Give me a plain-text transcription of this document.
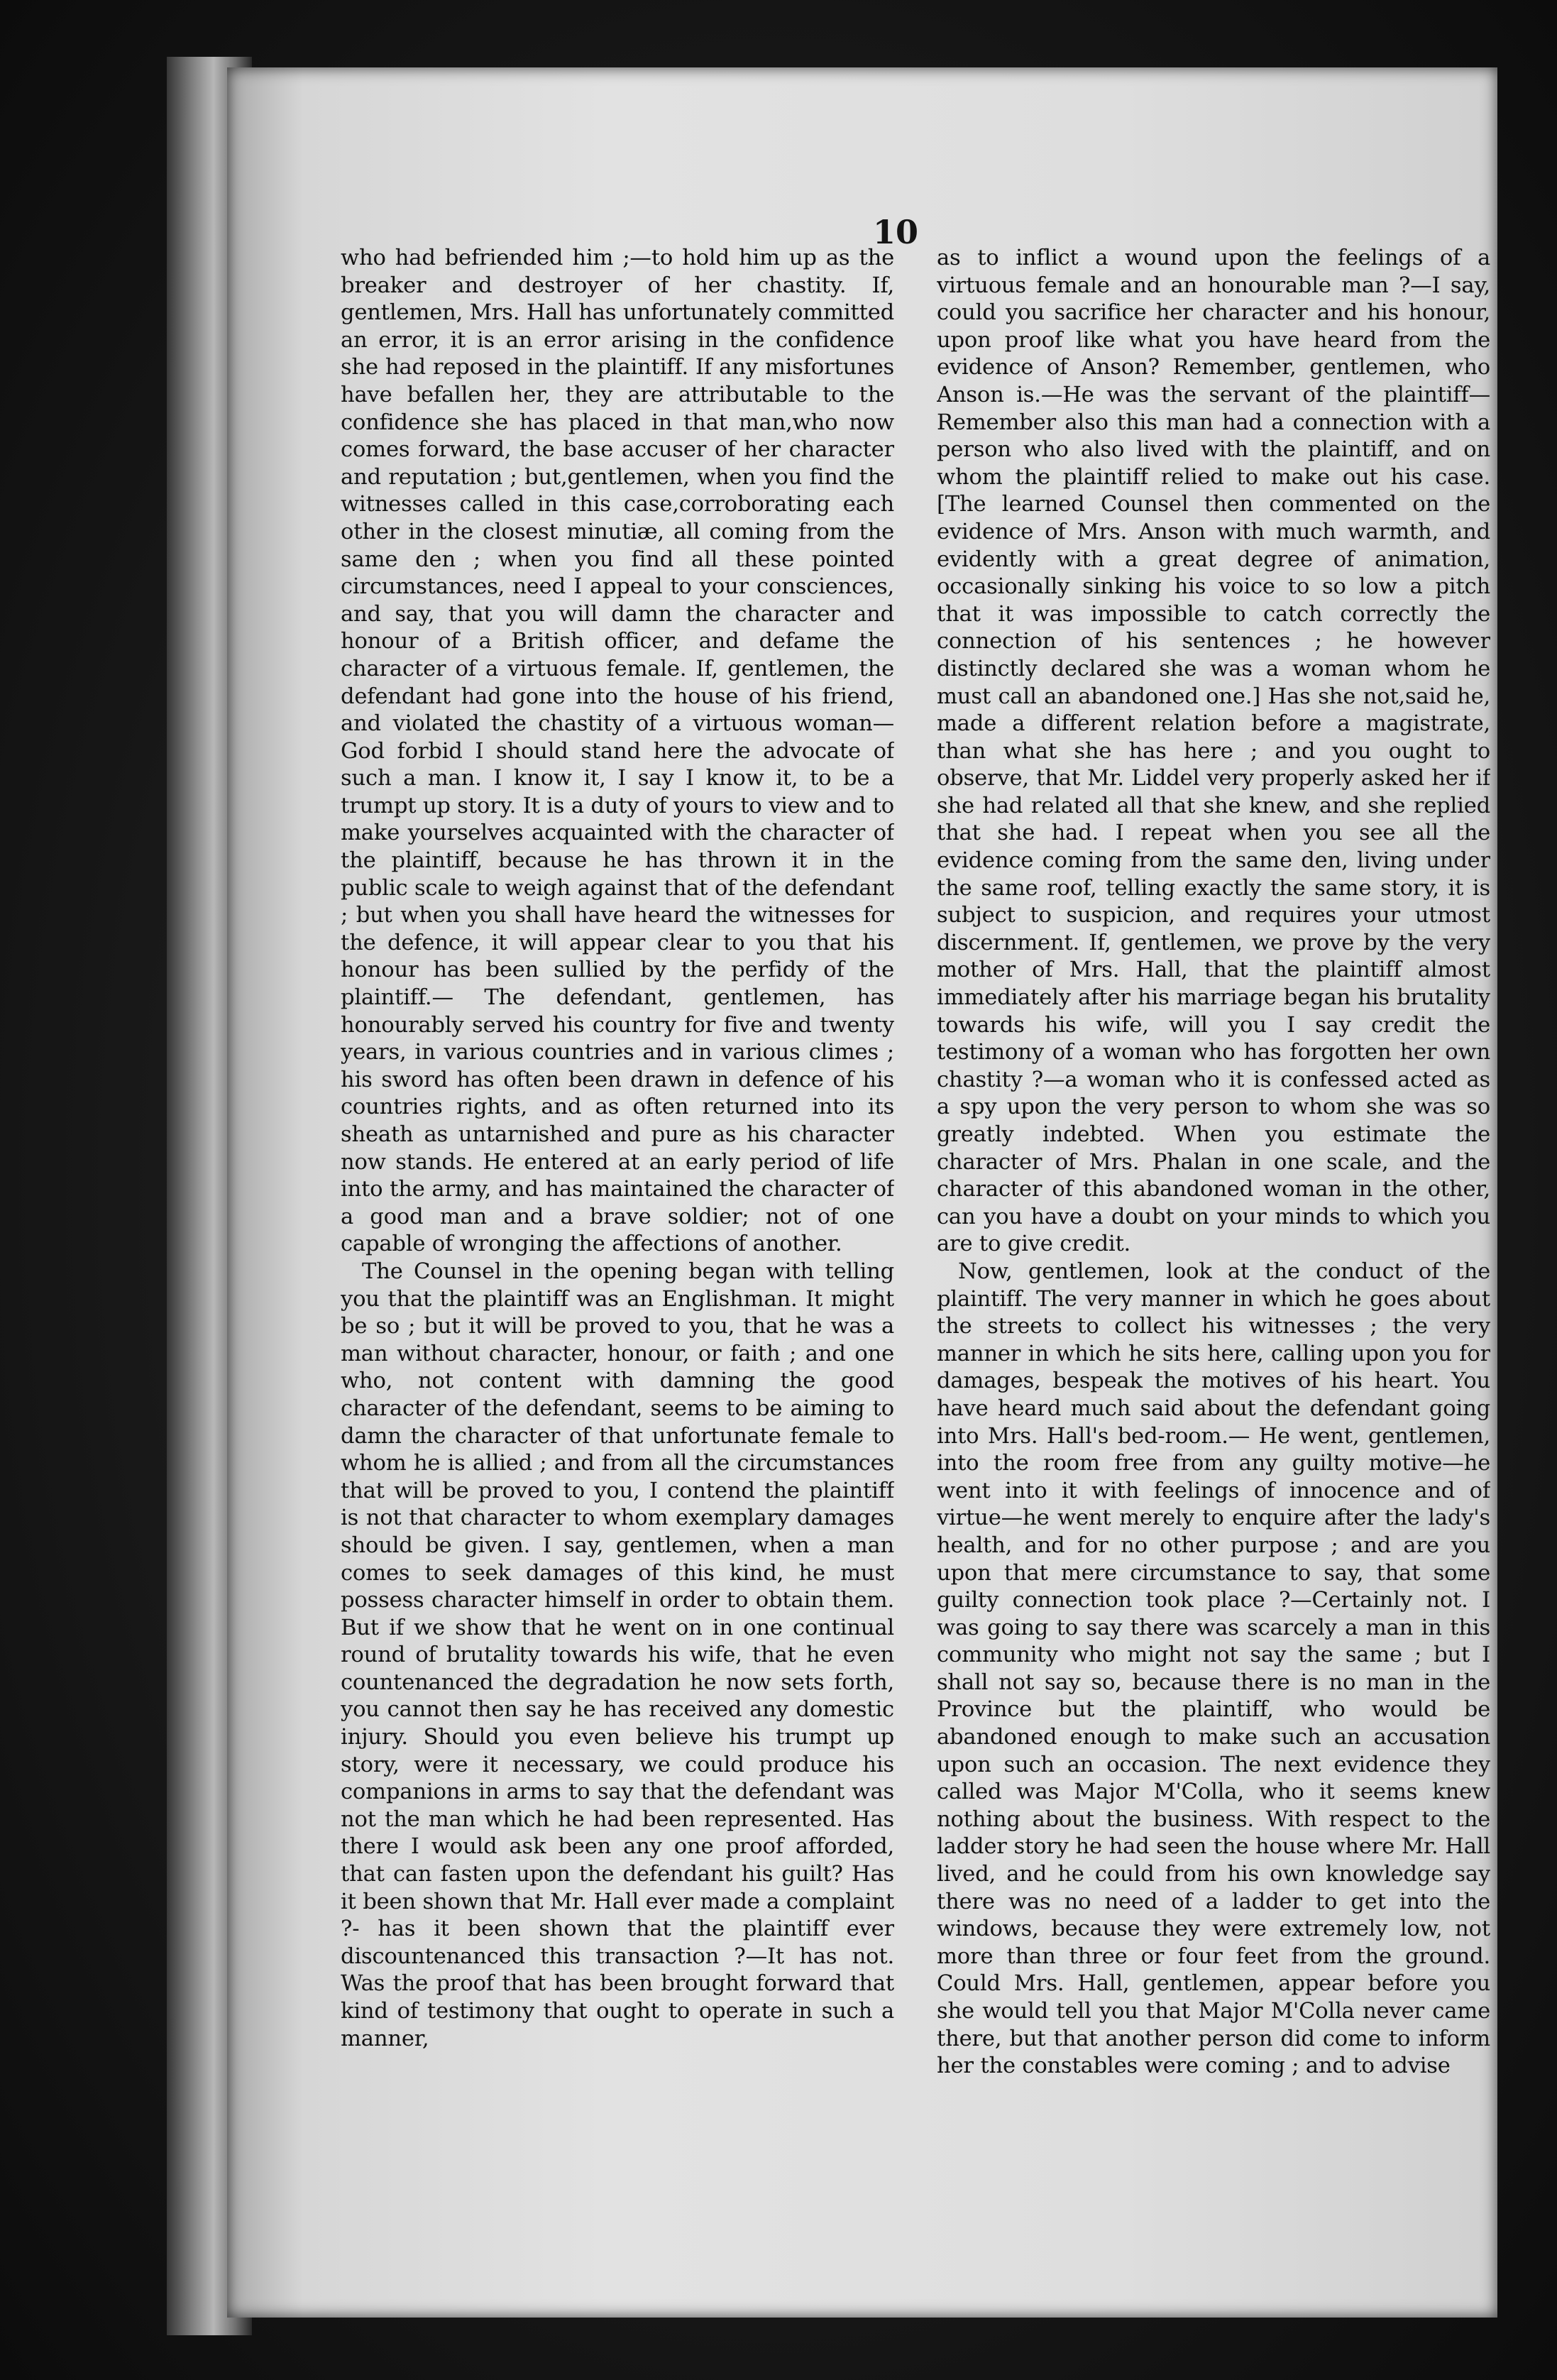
10

who had befriended him ;—to hold him up as the breaker and destroyer of her chastity. If, gentlemen, Mrs. Hall has unfortunately committed an error, it is an error arising in the confidence she had reposed in the plaintiff. If any misfortunes have befallen her, they are attributable to the confidence she has placed in that man,who now comes forward, the base accuser of her character and reputation ; but,gentlemen, when you find the witnesses called in this case,corroborating each other in the closest minutiæ, all coming from the same den ; when you find all these pointed circumstances, need I appeal to your consciences, and say, that you will damn the character and honour of a British officer, and defame the character of a virtuous female. If, gentlemen, the defendant had gone into the house of his friend, and violated the chastity of a virtuous woman— God forbid I should stand here the advocate of such a man. I know it, I say I know it, to be a trumpt up story. It is a duty of yours to view and to make yourselves acquainted with the character of the plaintiff, because he has thrown it in the public scale to weigh against that of the defendant ; but when you shall have heard the witnesses for the defence, it will appear clear to you that his honour has been sullied by the perfidy of the plaintiff.— The defendant, gentlemen, has honourably served his country for five and twenty years, in various countries and in various climes ; his sword has often been drawn in defence of his countries rights, and as often returned into its sheath as untarnished and pure as his character now stands. He entered at an early period of life into the army, and has maintained the character of a good man and a brave soldier; not of one capable of wronging the affections of another.

The Counsel in the opening began with telling you that the plaintiff was an Englishman. It might be so ; but it will be proved to you, that he was a man without character, honour, or faith ; and one who, not content with damning the good character of the defendant, seems to be aiming to damn the character of that unfortunate female to whom he is allied ; and from all the circumstances that will be proved to you, I contend the plaintiff is not that character to whom exemplary damages should be given. I say, gentlemen, when a man comes to seek damages of this kind, he must possess character himself in order to obtain them. But if we show that he went on in one continual round of brutality towards his wife, that he even countenanced the degradation he now sets forth, you cannot then say he has received any domestic injury. Should you even believe his trumpt up story, were it necessary, we could produce his companions in arms to say that the defendant was not the man which he had been represented. Has there I would ask been any one proof afforded, that can fasten upon the defendant his guilt? Has it been shown that Mr. Hall ever made a complaint ?- has it been shown that the plaintiff ever discountenanced this transaction ?—It has not. Was the proof that has been brought forward that kind of testimony that ought to operate in such a manner,

as to inflict a wound upon the feelings of a virtuous female and an honourable man ?—I say, could you sacrifice her character and his honour, upon proof like what you have heard from the evidence of Anson? Remember, gentlemen, who Anson is.—He was the servant of the plaintiff—Remember also this man had a connection with a person who also lived with the plaintiff, and on whom the plaintiff relied to make out his case. [The learned Counsel then commented on the evidence of Mrs. Anson with much warmth, and evidently with a great degree of animation, occasionally sinking his voice to so low a pitch that it was impossible to catch correctly the connection of his sentences ; he however distinctly declared she was a woman whom he must call an abandoned one.] Has she not,said he, made a different relation before a magistrate, than what she has here ; and you ought to observe, that Mr. Liddel very properly asked her if she had related all that she knew, and she replied that she had. I repeat when you see all the evidence coming from the same den, living under the same roof, telling exactly the same story, it is subject to suspicion, and requires your utmost discernment. If, gentlemen, we prove by the very mother of Mrs. Hall, that the plaintiff almost immediately after his marriage began his brutality towards his wife, will you I say credit the testimony of a woman who has forgotten her own chastity ?—a woman who it is confessed acted as a spy upon the very person to whom she was so greatly indebted. When you estimate the character of Mrs. Phalan in one scale, and the character of this abandoned woman in the other, can you have a doubt on your minds to which you are to give credit.

Now, gentlemen, look at the conduct of the plaintiff. The very manner in which he goes about the streets to collect his witnesses ; the very manner in which he sits here, calling upon you for damages, bespeak the motives of his heart. You have heard much said about the defendant going into Mrs. Hall's bed-room.— He went, gentlemen, into the room free from any guilty motive—he went into it with feelings of innocence and of virtue—he went merely to enquire after the lady's health, and for no other purpose ; and are you upon that mere circumstance to say, that some guilty connection took place ?—Certainly not. I was going to say there was scarcely a man in this community who might not say the same ; but I shall not say so, because there is no man in the Province but the plaintiff, who would be abandoned enough to make such an accusation upon such an occasion. The next evidence they called was Major M'Colla, who it seems knew nothing about the business. With respect to the ladder story he had seen the house where Mr. Hall lived, and he could from his own knowledge say there was no need of a ladder to get into the windows, because they were extremely low, not more than three or four feet from the ground. Could Mrs. Hall, gentlemen, appear before you she would tell you that Major M'Colla never came there, but that another person did come to inform her the constables were coming ; and to advise
